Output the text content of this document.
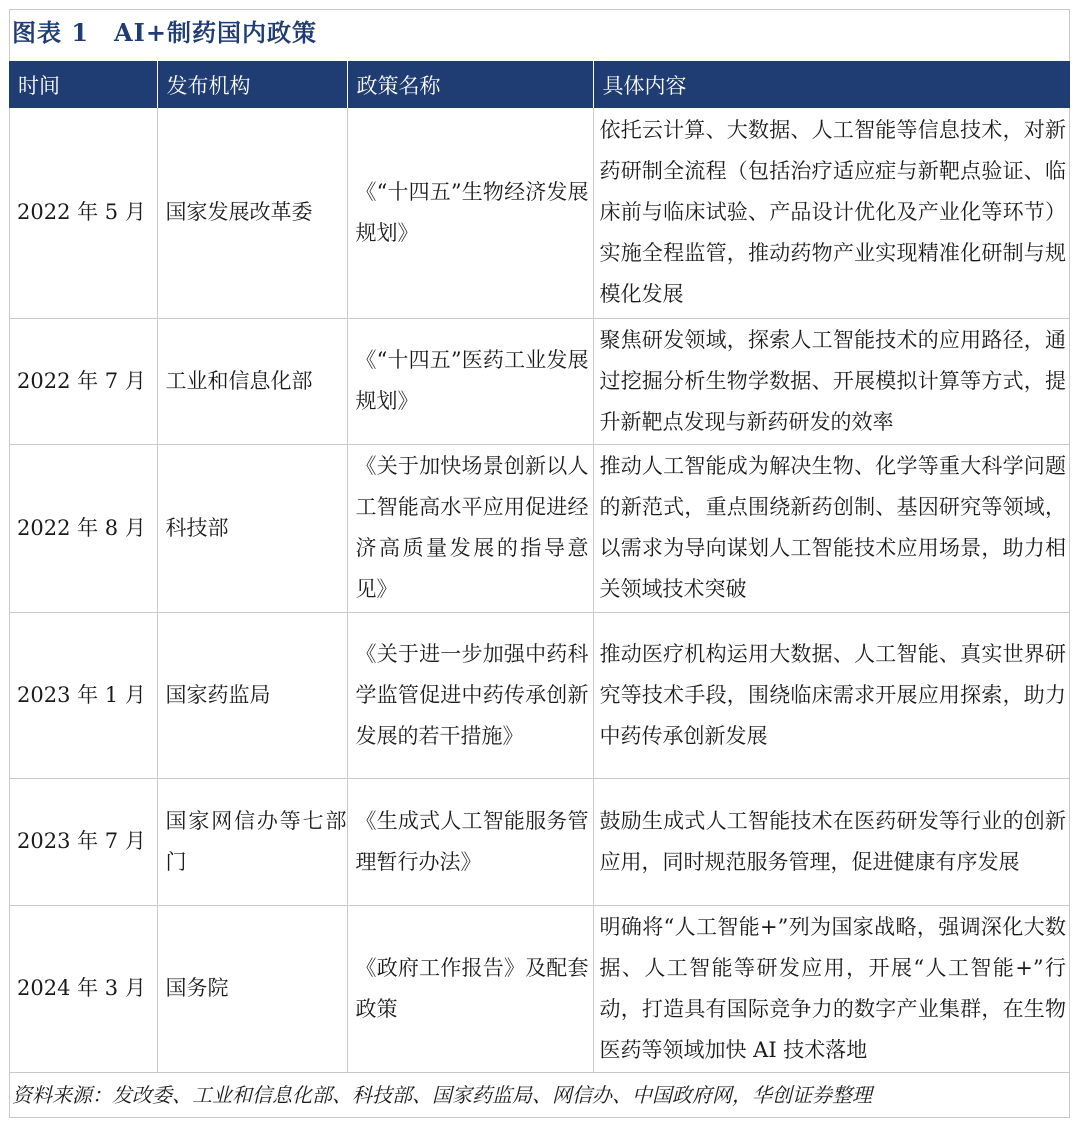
图表 1　AI+制药国内政策
时间	发布机构	政策名称	具体内容
2022 年 5 月	国家发展改革委	《“十四五”生物经济发展规划》	依托云计算、大数据、人工智能等信息技术，对新药研制全流程（包括治疗适应症与新靶点验证、临床前与临床试验、产品设计优化及产业化等环节）实施全程监管，推动药物产业实现精准化研制与规模化发展

2022 年 7 月	工业和信息化部	《“十四五”医药工业发展规划》	聚焦研发领域，探索人工智能技术的应用路径，通过挖掘分析生物学数据、开展模拟计算等方式，提升新靶点发现与新药研发的效率

2022 年 8 月	科技部	《关于加快场景创新以人工智能高水平应用促进经济高质量发展的指导意见》	推动人工智能成为解决生物、化学等重大科学问题的新范式，重点围绕新药创制、基因研究等领域，以需求为导向谋划人工智能技术应用场景，助力相关领域技术突破

2023 年 1 月	国家药监局	《关于进一步加强中药科学监管促进中药传承创新发展的若干措施》	推动医疗机构运用大数据、人工智能、真实世界研究等技术手段，围绕临床需求开展应用探索，助力中药传承创新发展

2023 年 7 月	国家网信办等七部门	《生成式人工智能服务管理暂行办法》	鼓励生成式人工智能技术在医药研发等行业的创新应用，同时规范服务管理，促进健康有序发展

2024 年 3 月	国务院	《政府工作报告》及配套政策	明确将“人工智能+”列为国家战略，强调深化大数据、人工智能等研发应用，开展“人工智能+”行动，打造具有国际竞争力的数字产业集群，在生物医药等领域加快 AI 技术落地
资料来源：发改委、工业和信息化部、科技部、国家药监局、网信办、中国政府网，华创证券整理
